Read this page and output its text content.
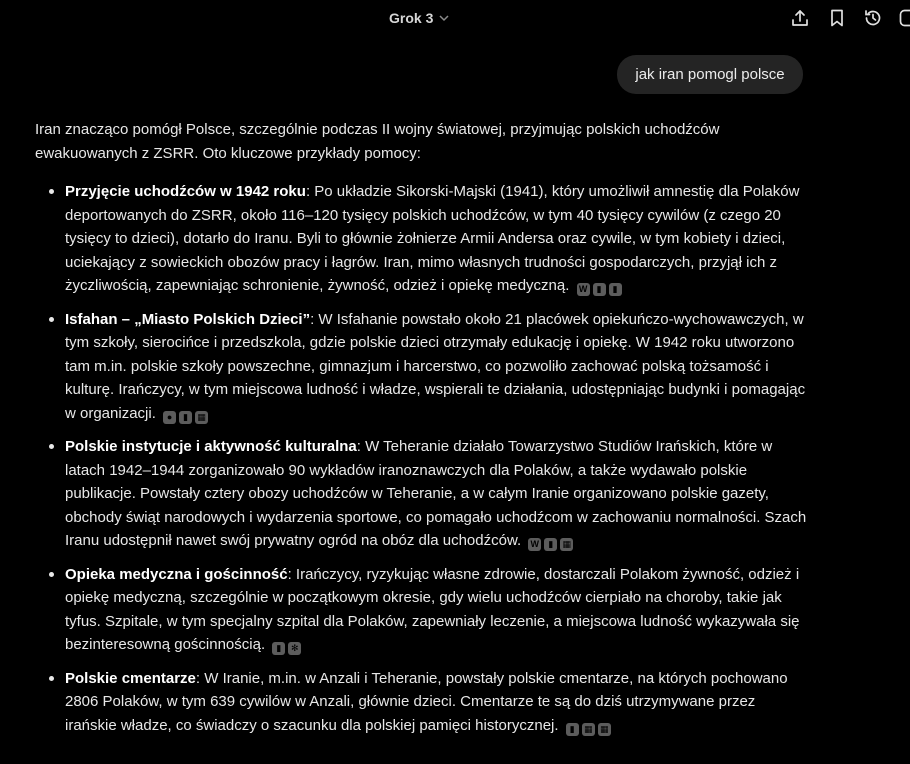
Grok 3
jak iran pomogl polsce

Iran znacząco pomógł Polsce, szczególnie podczas II wojny światowej, przyjmując polskich uchodźców ewakuowanych z ZSRR. Oto kluczowe przykłady pomocy:

Przyjęcie uchodźców w 1942 roku: Po układzie Sikorski-Majski (1941), który umożliwił amnestię dla Polaków deportowanych do ZSRR, około 116–120 tysięcy polskich uchodźców, w tym 40 tysięcy cywilów (z czego 20 tysięcy to dzieci), dotarło do Iranu. Byli to głównie żołnierze Armii Andersa oraz cywile, w tym kobiety i dzieci, uciekający z sowieckich obozów pracy i łagrów. Iran, mimo własnych trudności gospodarczych, przyjął ich z życzliwością, zapewniając schronienie, żywność, odzież i opiekę medyczną. W ▮ ▮
Isfahan – „Miasto Polskich Dzieci”: W Isfahanie powstało około 21 placówek opiekuńczo-wychowawczych, w tym szkoły, sierocińce i przedszkola, gdzie polskie dzieci otrzymały edukację i opiekę. W 1942 roku utworzono tam m.in. polskie szkoły powszechne, gimnazjum i harcerstwo, co pozwoliło zachować polską tożsamość i kulturę. Irańczycy, w tym miejscowa ludność i władze, wspierali te działania, udostępniając budynki i pomagając w organizacji. ● ▮ ▦
Polskie instytucje i aktywność kulturalna: W Teheranie działało Towarzystwo Studiów Irańskich, które w latach 1942–1944 zorganizowało 90 wykładów iranoznawczych dla Polaków, a także wydawało polskie publikacje. Powstały cztery obozy uchodźców w Teheranie, a w całym Iranie organizowano polskie gazety, obchody świąt narodowych i wydarzenia sportowe, co pomagało uchodźcom w zachowaniu normalności. Szach Iranu udostępnił nawet swój prywatny ogród na obóz dla uchodźców. W ▮ ▦
Opieka medyczna i gościnność: Irańczycy, ryzykując własne zdrowie, dostarczali Polakom żywność, odzież i opiekę medyczną, szczególnie w początkowym okresie, gdy wielu uchodźców cierpiało na choroby, takie jak tyfus. Szpitale, w tym specjalny szpital dla Polaków, zapewniały leczenie, a miejscowa ludność wykazywała się bezinteresowną gościnnością. ▮ ✻
Polskie cmentarze: W Iranie, m.in. w Anzali i Teheranie, powstały polskie cmentarze, na których pochowano 2806 Polaków, w tym 639 cywilów w Anzali, głównie dzieci. Cmentarze te są do dziś utrzymywane przez irańskie władze, co świadczy o szacunku dla polskiej pamięci historycznej. ▮ ▦ ▦
